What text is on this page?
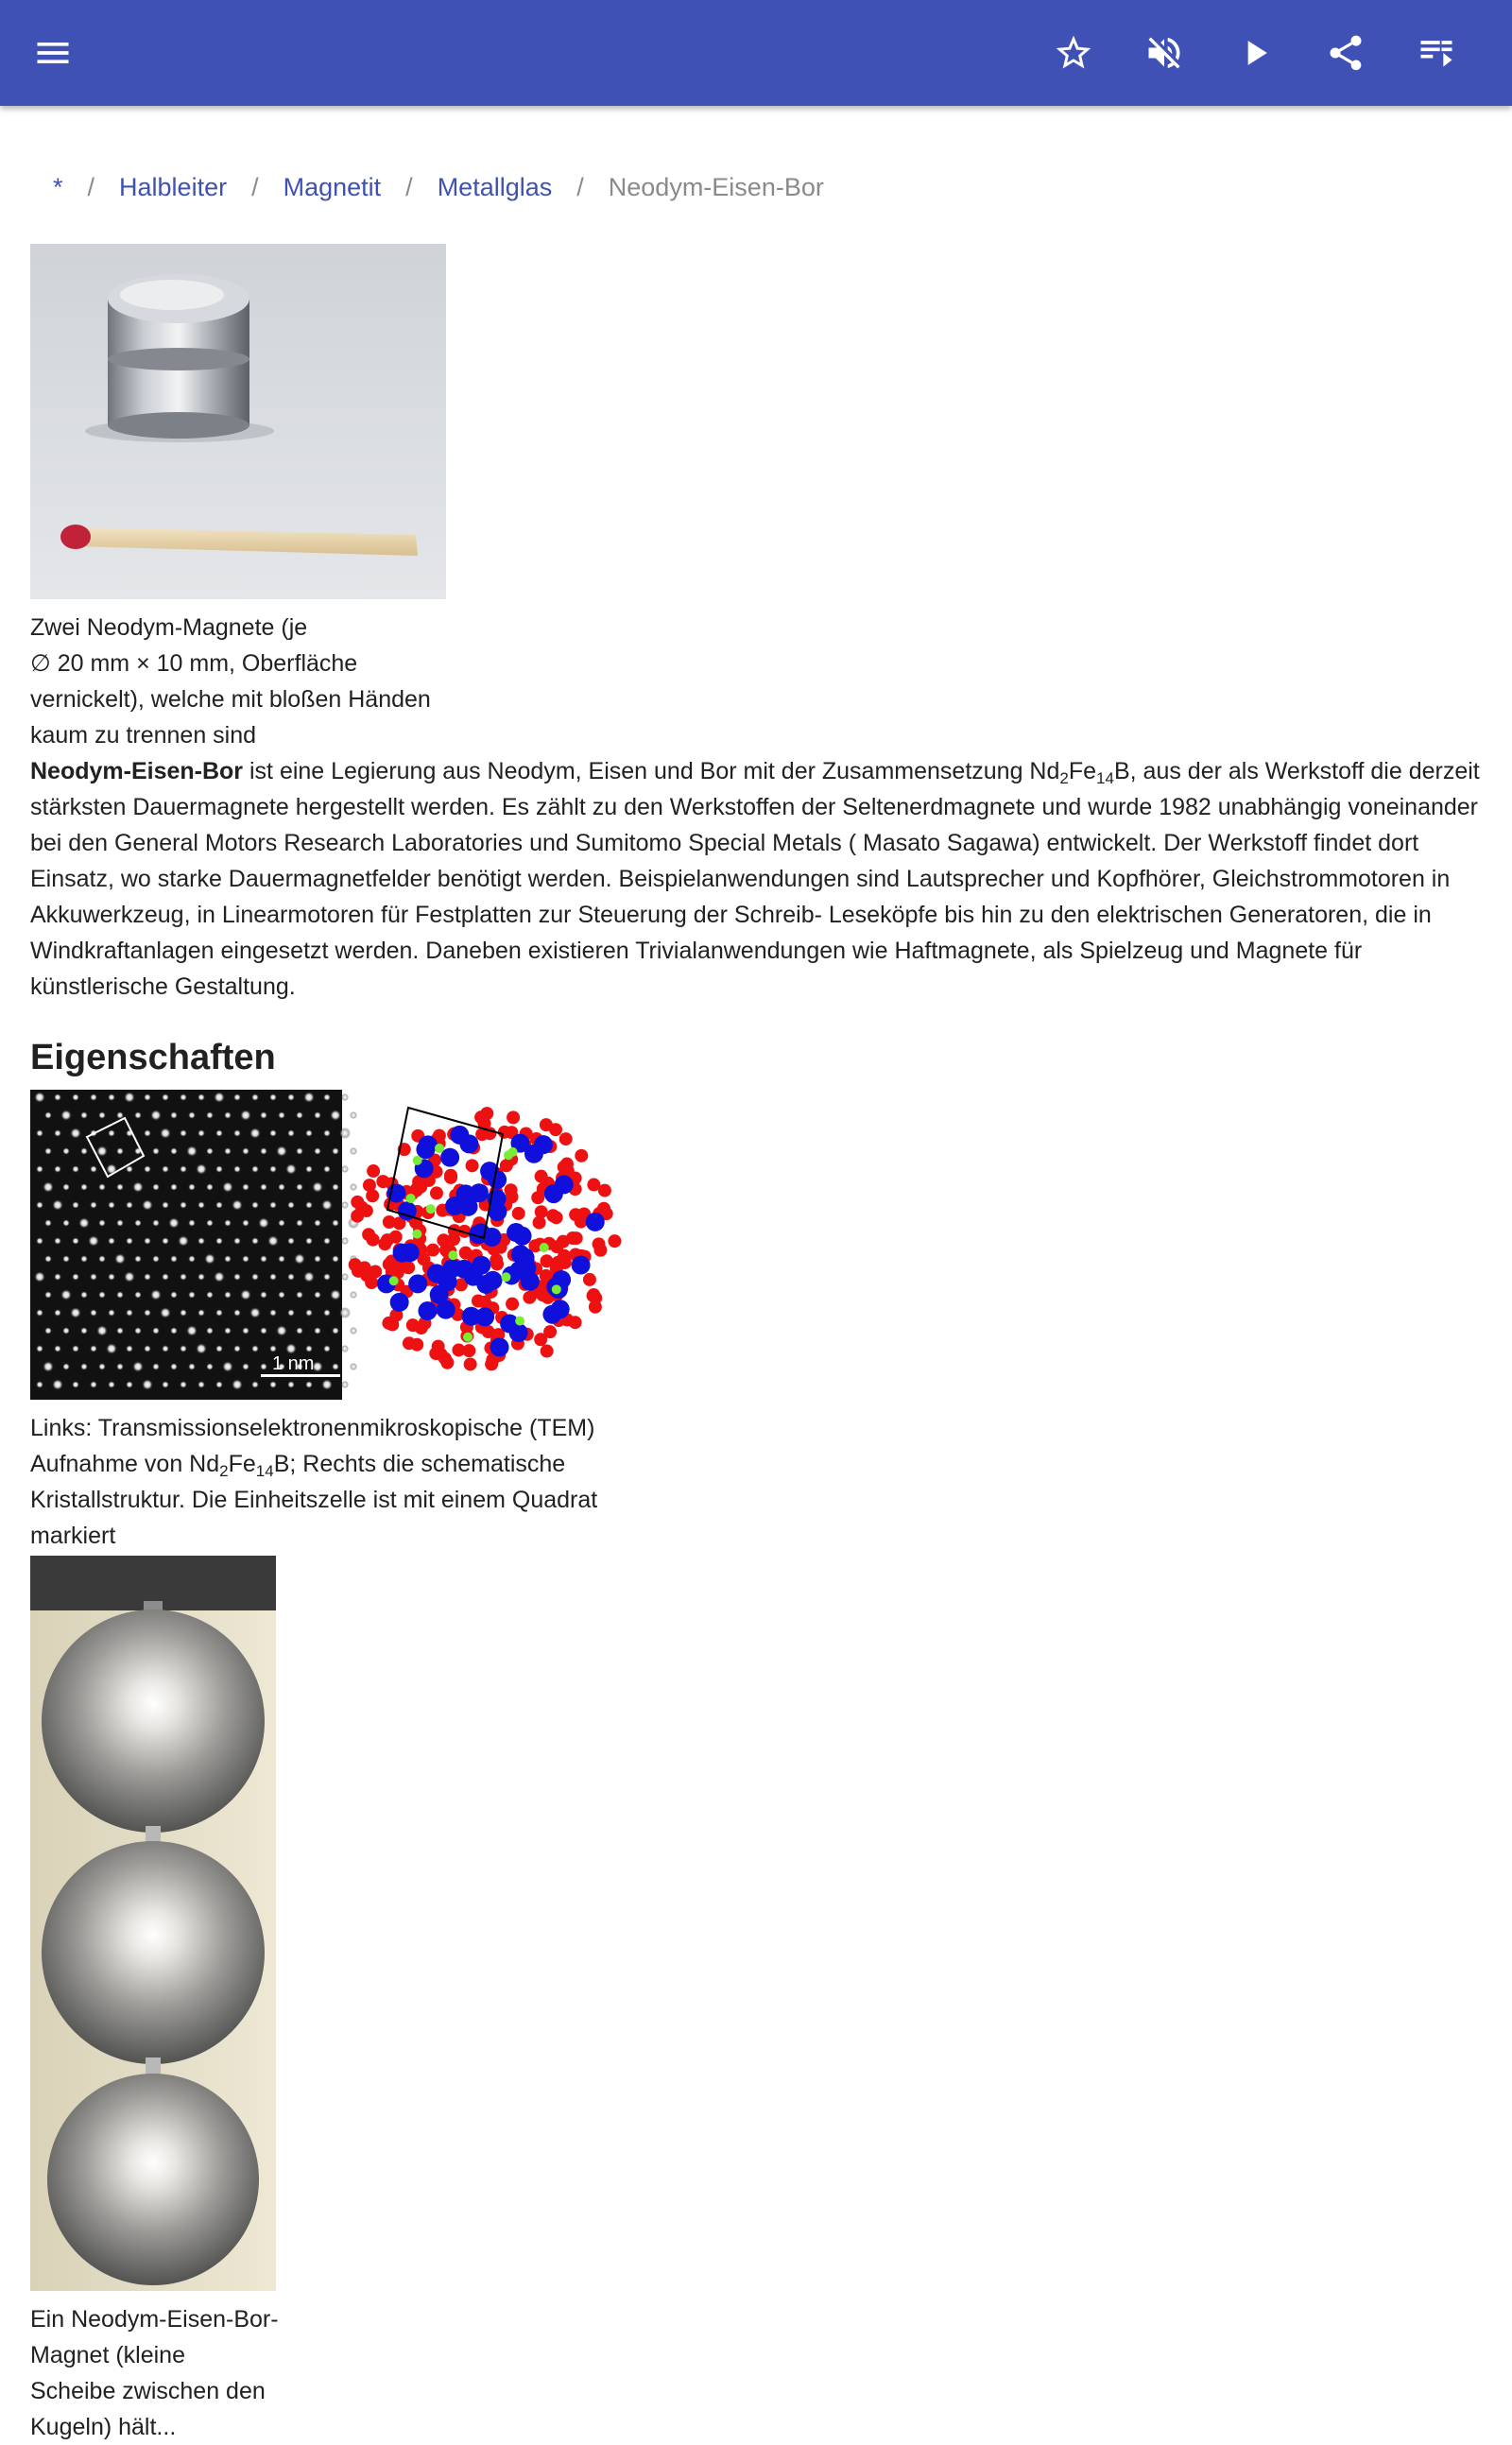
* / Halbleiter / Magnetit / Metallglas / Neodym-Eisen-Bor
Zwei Neodym-Magnete (je
∅ 20 mm × 10 mm, Oberfläche
vernickelt), welche mit bloßen Händen
kaum zu trennen sind

Neodym-Eisen-Bor ist eine Legierung aus Neodym, Eisen und Bor mit der Zusammensetzung $Nd_2Fe_{14}B$, aus der als Werkstoff die derzeit stärksten Dauermagnete hergestellt werden. Es zählt zu den Werkstoffen der Seltenerdmagnete und wurde 1982 unabhängig voneinander bei den General Motors Research Laboratories und Sumitomo Special Metals ( Masato Sagawa) entwickelt. Der Werkstoff findet dort Einsatz, wo starke Dauermagnetfelder benötigt werden. Beispielanwendungen sind Lautsprecher und Kopfhörer, Gleichstrommotoren in Akkuwerkzeug, in Linearmotoren für Festplatten zur Steuerung der Schreib- Leseköpfe bis hin zu den elektrischen Generatoren, die in Windkraftanlagen eingesetzt werden. Daneben existieren Trivialanwendungen wie Haftmagnete, als Spielzeug und Magnete für künstlerische Gestaltung.

Eigenschaften
1 nm
Links: Transmissionselektronenmikroskopische (TEM)
Aufnahme von $Nd_2Fe_{14}B$; Rechts die schematische
Kristallstruktur. Die Einheitszelle ist mit einem Quadrat
markiert
Ein Neodym-Eisen-Bor-
Magnet (kleine
Scheibe zwischen den
Kugeln) hält...
